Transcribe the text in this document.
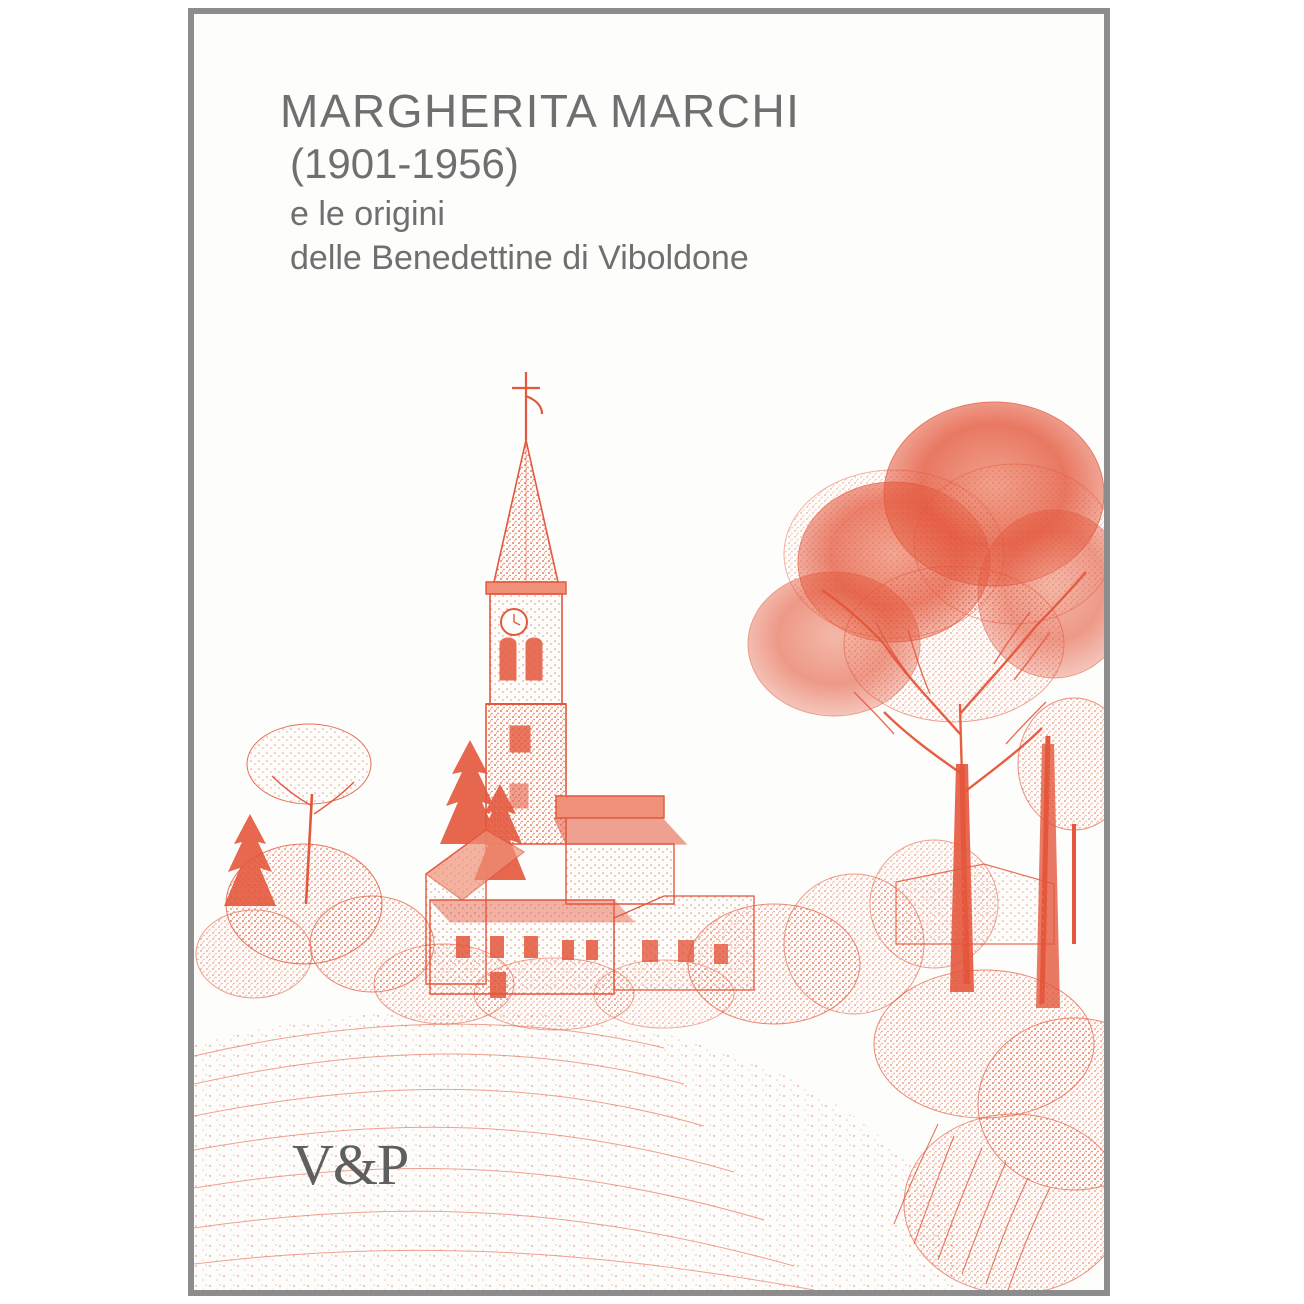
MARGHERITA MARCHI
(1901-1956)
e le origini
delle Benedettine di Viboldone
V&P
